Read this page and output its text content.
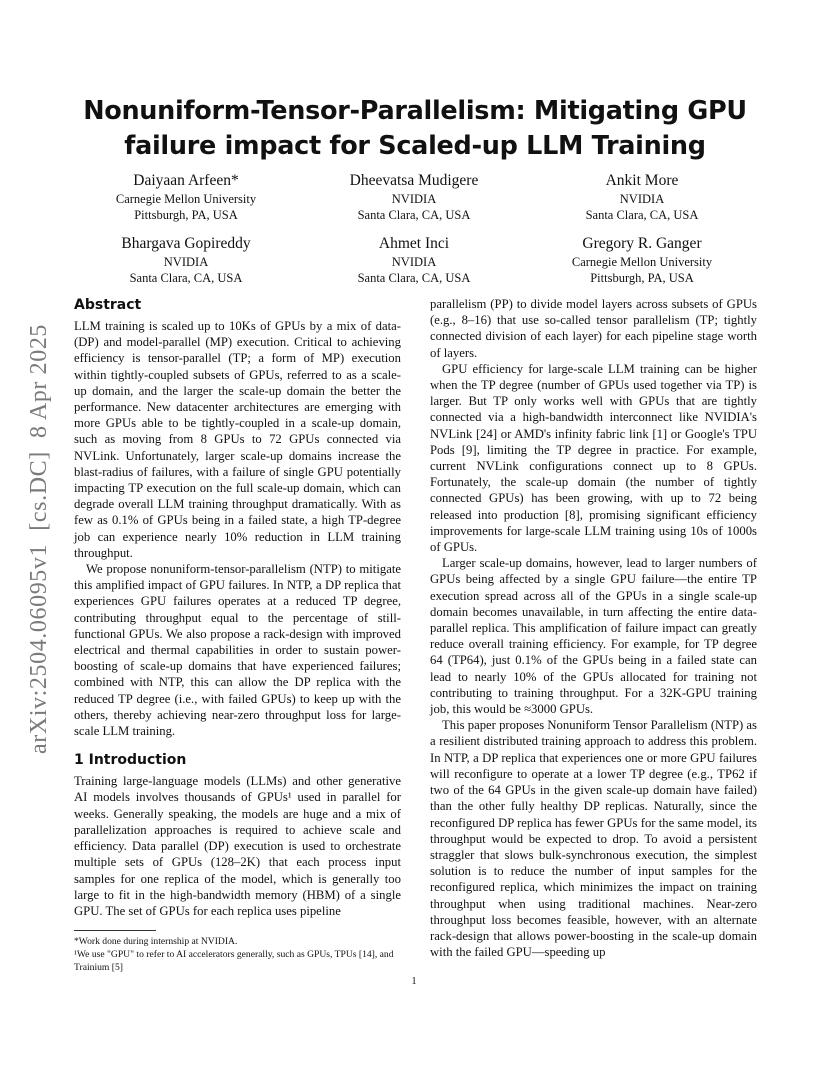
arXiv:2504.06095v1  [cs.DC]  8 Apr 2025
Nonuniform-Tensor-Parallelism: Mitigating GPU failure impact for Scaled-up LLM Training
Daiyaan Arfeen*
Carnegie Mellon University
Pittsburgh, PA, USA
Dheevatsa Mudigere
NVIDIA
Santa Clara, CA, USA
Ankit More
NVIDIA
Santa Clara, CA, USA
Bhargava Gopireddy
NVIDIA
Santa Clara, CA, USA
Ahmet Inci
NVIDIA
Santa Clara, CA, USA
Gregory R. Ganger
Carnegie Mellon University
Pittsburgh, PA, USA
Abstract

LLM training is scaled up to 10Ks of GPUs by a mix of data-(DP) and model-parallel (MP) execution. Critical to achieving efficiency is tensor-parallel (TP; a form of MP) execution within tightly-coupled subsets of GPUs, referred to as a scale-up domain, and the larger the scale-up domain the better the performance. New datacenter architectures are emerging with more GPUs able to be tightly-coupled in a scale-up domain, such as moving from 8 GPUs to 72 GPUs connected via NVLink. Unfortunately, larger scale-up domains increase the blast-radius of failures, with a failure of single GPU potentially impacting TP execution on the full scale-up domain, which can degrade overall LLM training throughput dramatically. With as few as 0.1% of GPUs being in a failed state, a high TP-degree job can experience nearly 10% reduction in LLM training throughput.

We propose nonuniform-tensor-parallelism (NTP) to mitigate this amplified impact of GPU failures. In NTP, a DP replica that experiences GPU failures operates at a reduced TP degree, contributing throughput equal to the percentage of still-functional GPUs. We also propose a rack-design with improved electrical and thermal capabilities in order to sustain power-boosting of scale-up domains that have experienced failures; combined with NTP, this can allow the DP replica with the reduced TP degree (i.e., with failed GPUs) to keep up with the others, thereby achieving near-zero throughput loss for large-scale LLM training.

1 Introduction

Training large-language models (LLMs) and other generative AI models involves thousands of GPUs¹ used in parallel for weeks. Generally speaking, the models are huge and a mix of parallelization approaches is required to achieve scale and efficiency. Data parallel (DP) execution is used to orchestrate multiple sets of GPUs (128–2K) that each process input samples for one replica of the model, which is generally too large to fit in the high-bandwidth memory (HBM) of a single GPU. The set of GPUs for each replica uses pipeline

parallelism (PP) to divide model layers across subsets of GPUs (e.g., 8–16) that use so-called tensor parallelism (TP; tightly connected division of each layer) for each pipeline stage worth of layers.

GPU efficiency for large-scale LLM training can be higher when the TP degree (number of GPUs used together via TP) is larger. But TP only works well with GPUs that are tightly connected via a high-bandwidth interconnect like NVIDIA's NVLink [24] or AMD's infinity fabric link [1] or Google's TPU Pods [9], limiting the TP degree in practice. For example, current NVLink configurations connect up to 8 GPUs. Fortunately, the scale-up domain (the number of tightly connected GPUs) has been growing, with up to 72 being released into production [8], promising significant efficiency improvements for large-scale LLM training using 10s of 1000s of GPUs.

Larger scale-up domains, however, lead to larger numbers of GPUs being affected by a single GPU failure—the entire TP execution spread across all of the GPUs in a single scale-up domain becomes unavailable, in turn affecting the entire data-parallel replica. This amplification of failure impact can greatly reduce overall training efficiency. For example, for TP degree 64 (TP64), just 0.1% of the GPUs being in a failed state can lead to nearly 10% of the GPUs allocated for training not contributing to training throughput. For a 32K-GPU training job, this would be ≈3000 GPUs.

This paper proposes Nonuniform Tensor Parallelism (NTP) as a resilient distributed training approach to address this problem. In NTP, a DP replica that experiences one or more GPU failures will reconfigure to operate at a lower TP degree (e.g., TP62 if two of the 64 GPUs in the given scale-up domain have failed) than the other fully healthy DP replicas. Naturally, since the reconfigured DP replica has fewer GPUs for the same model, its throughput would be expected to drop. To avoid a persistent straggler that slows bulk-synchronous execution, the simplest solution is to reduce the number of input samples for the reconfigured replica, which minimizes the impact on training throughput when using traditional machines. Near-zero throughput loss becomes feasible, however, with an alternate rack-design that allows power-boosting in the scale-up domain with the failed GPU—speeding up

*Work done during internship at NVIDIA.

¹We use "GPU" to refer to AI accelerators generally, such as GPUs, TPUs [14], and Trainium [5]

1
